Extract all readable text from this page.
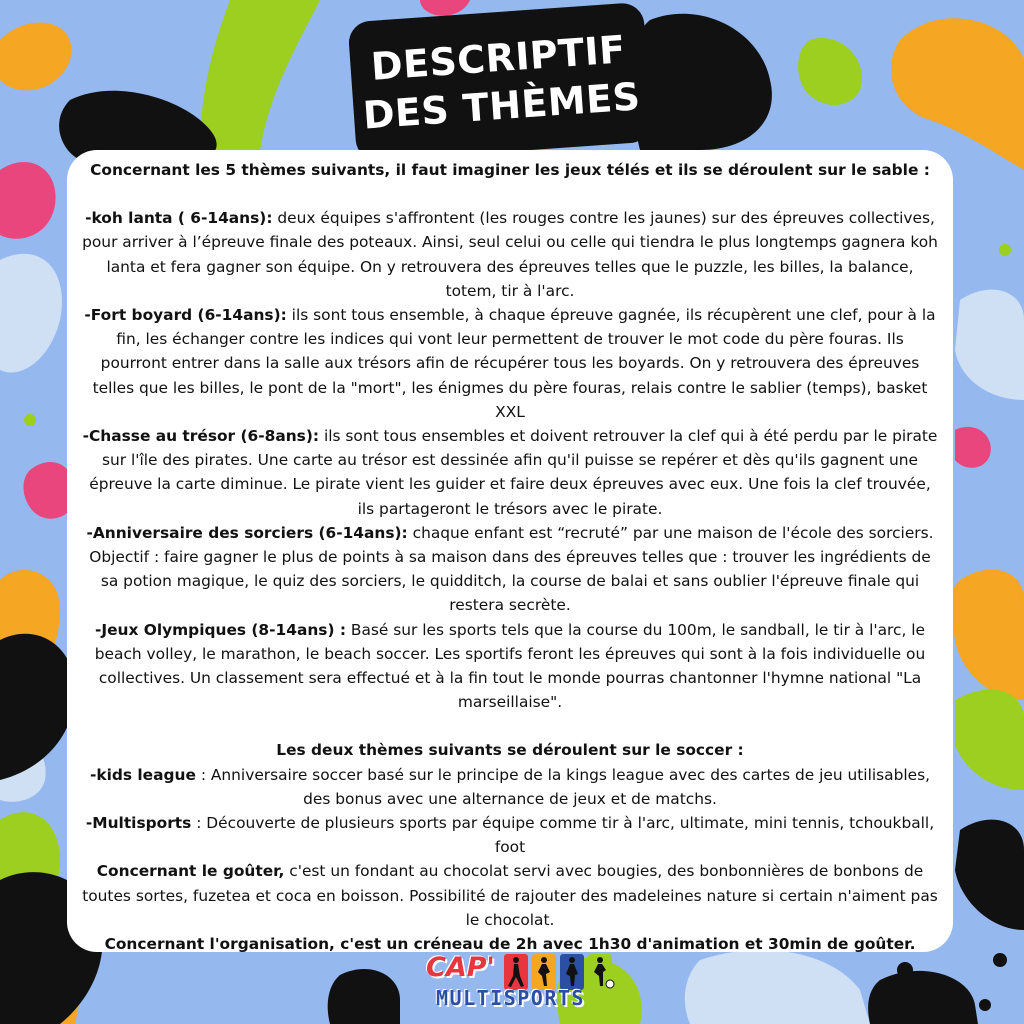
DESCRIPTIF
DES THÈMES

Concernant les 5 thèmes suivants, il faut imaginer les jeux télés et ils se déroulent sur le sable :

-koh lanta ( 6-14ans): deux équipes s'affrontent (les rouges contre les jaunes) sur des épreuves collectives, pour arriver à l’épreuve finale des poteaux. Ainsi, seul celui ou celle qui tiendra le plus longtemps gagnera koh lanta et fera gagner son équipe. On y retrouvera des épreuves telles que le puzzle, les billes, la balance, totem, tir à l'arc.

-Fort boyard (6-14ans): ils sont tous ensemble, à chaque épreuve gagnée, ils récupèrent une clef, pour à la fin, les échanger contre les indices qui vont leur permettent de trouver le mot code du père fouras. Ils pourront entrer dans la salle aux trésors afin de récupérer tous les boyards. On y retrouvera des épreuves telles que les billes, le pont de la "mort", les énigmes du père fouras, relais contre le sablier (temps), basket XXL

-Chasse au trésor (6-8ans): ils sont tous ensembles et doivent retrouver la clef qui à été perdu par le pirate sur l'île des pirates. Une carte au trésor est dessinée afin qu'il puisse se repérer et dès qu'ils gagnent une épreuve la carte diminue. Le pirate vient les guider et faire deux épreuves avec eux. Une fois la clef trouvée, ils partageront le trésors avec le pirate.

-Anniversaire des sorciers (6-14ans): chaque enfant est “recruté” par une maison de l'école des sorciers. Objectif : faire gagner le plus de points à sa maison dans des épreuves telles que : trouver les ingrédients de sa potion magique, le quiz des sorciers, le quidditch, la course de balai et sans oublier l'épreuve finale qui restera secrète.

-Jeux Olympiques (8-14ans) : Basé sur les sports tels que la course du 100m, le sandball, le tir à l'arc, le beach volley, le marathon, le beach soccer. Les sportifs feront les épreuves qui sont à la fois individuelle ou collectives. Un classement sera effectué et à la fin tout le monde pourras chantonner l'hymne national "La marseillaise".

Les deux thèmes suivants se déroulent sur le soccer :

-kids league : Anniversaire soccer basé sur le principe de la kings league avec des cartes de jeu utilisables, des bonus avec une alternance de jeux et de matchs.

-Multisports : Découverte de plusieurs sports par équipe comme tir à l'arc, ultimate, mini tennis, tchoukball, foot

Concernant le goûter, c'est un fondant au chocolat servi avec bougies, des bonbonnières de bonbons de toutes sortes, fuzetea et coca en boisson. Possibilité de rajouter des madeleines nature si certain n'aiment pas le chocolat.

Concernant l'organisation, c'est un créneau de 2h avec 1h30 d'animation et 30min de goûter.

CAP'
MULTISPORTS
